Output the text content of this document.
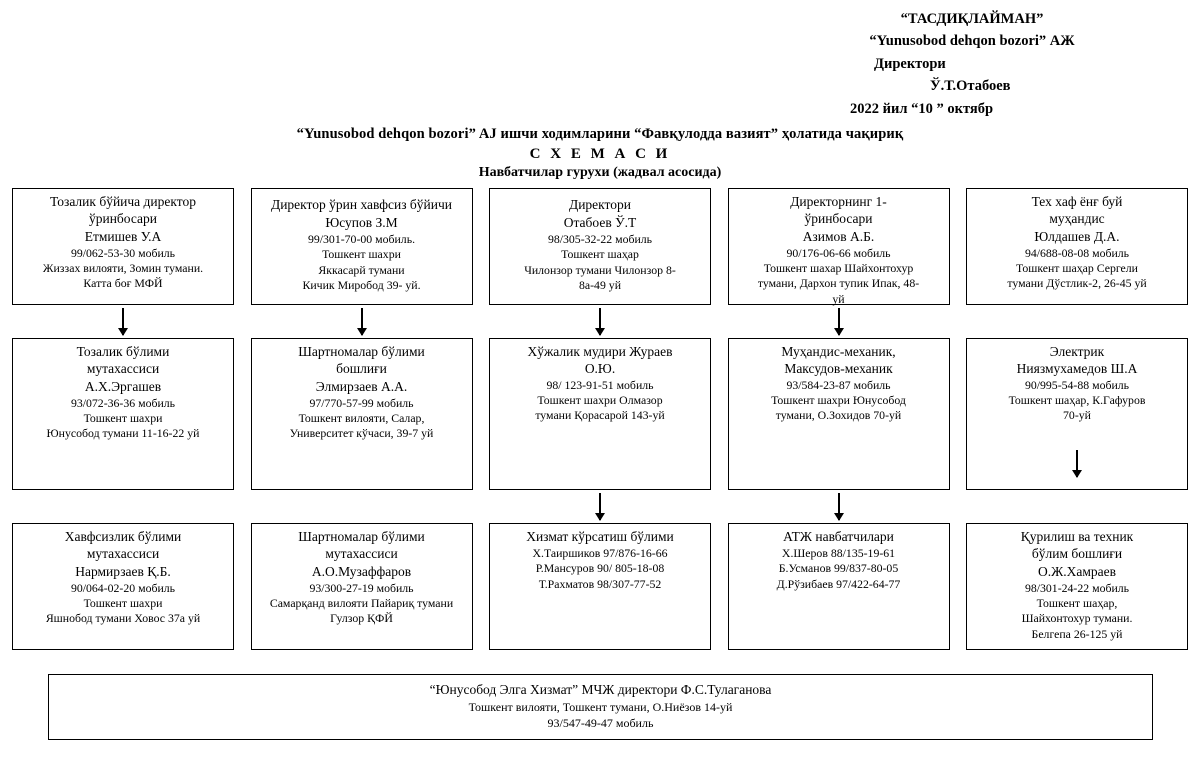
“ТАСДИҚЛАЙМАН”
“Yunusobod dehqon bozori” АЖ
Директори
Ў.Т.Отабоев
2022 йил “10 ” октябр
“Yunusobod dehqon bozori” AJ ишчи ходимларини “Фавқулодда вазият” ҳолатида чақириқ
С Х Е М А С И
Навбатчилар гурухи (жадвал асосида)
Тозалик бўйича директор
ўринбосари
Етмишев У.А
99/062-53-30 мобиль
Жиззах вилояти, Зомин тумани.
Катта боғ МФЙ
Директор ўрин хавфсиз бўйичи
Юсупов З.М
99/301-70-00 мобиль.
Тошкент шахри
Яккасарй тумани
Кичик Миробод 39- уй.
Директори
Отабоев Ў.Т
98/305-32-22 мобиль
Тошкент шаҳар
Чилонзор тумани Чилонзор 8-
8а-49 уй
Директорнинг 1-
ўринбосари
Азимов А.Б.
90/176-06-66 мобиль
Тошкент шахар Шайхонтохур
тумани, Дархон тупик Ипак, 48-
уй
Тех хаф ёнғ буй
муҳандис
Юлдашев Д.А.
94/688-08-08 мобиль
Тошкент шаҳар Сергели
тумани Дўстлик-2, 26-45 уй
Тозалик бўлими
мутахассиси
А.Х.Эргашев
93/072-36-36 мобиль
Тошкент шахри
Юнусобод тумани 11-16-22 уй
Шартномалар бўлими
бошлиғи
Элмирзаев А.А.
97/770-57-99 мобиль
Тошкент вилояти, Салар,
Университет кўчаси, 39-7 уй
Хўжалик мудири Жураев
О.Ю.
98/ 123-91-51 мобиль
Тошкент шахри Олмазор
тумани Қорасарой 143-уй
Муҳандис-механик,
Максудов-механик
93/584-23-87 мобиль
Тошкент шахри Юнусобод
тумани, О.Зохидов 70-уй
Электрик
Ниязмухамедов Ш.А
90/995-54-88 мобиль
Тошкент шаҳар, К.Гафуров
70-уй
Хавфсизлик бўлими
мутахассиси
Нармирзаев Қ.Б.
90/064-02-20 мобиль
Тошкент шахри
Яшнобод тумани Ховос 37а уй
Шартномалар бўлими
мутахассиси
А.О.Музаффаров
93/300-27-19 мобиль
Самарқанд вилояти Пайариқ тумани
Гулзор ҚФЙ
Хизмат кўрсатиш бўлими
Х.Таиршиков 97/876-16-66
Р.Мансуров 90/ 805-18-08
Т.Рахматов 98/307-77-52
АТЖ навбатчилари
Х.Шеров 88/135-19-61
Б.Усманов 99/837-80-05
Д.Рўзибаев 97/422-64-77
Қурилиш ва техник
бўлим бошлиғи
О.Ж.Хамраев
98/301-24-22 мобиль
Тошкент шаҳар,
Шайхонтохур тумани.
Белгепа 26-125 уй
“Юнусобод Элга Хизмат” МЧЖ директори Ф.С.Тулаганова
Тошкент вилояти, Тошкент тумани, О.Ниёзов 14-уй
93/547-49-47 мобиль
